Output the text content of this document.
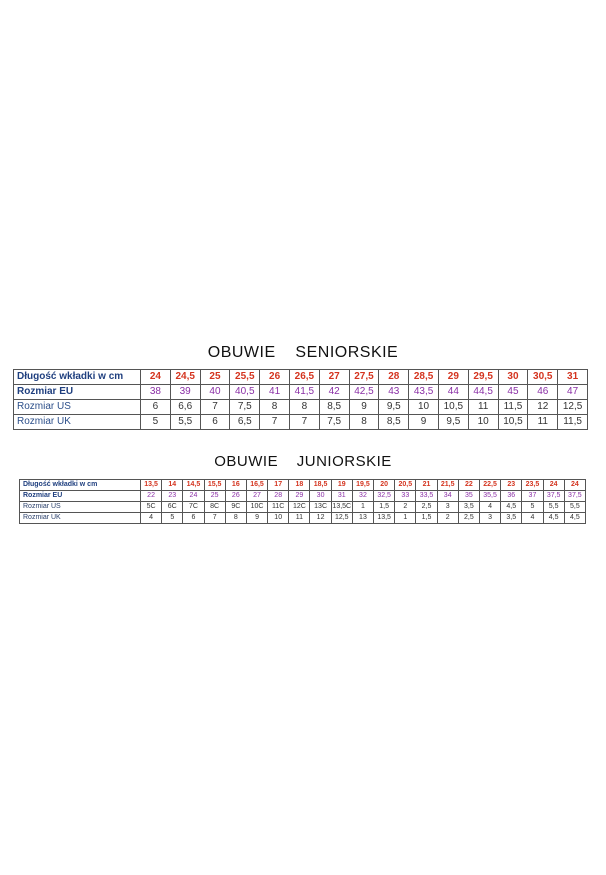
OBUWIE    SENIORSKIE
Długość wkładki w cm	24	24,5	25	25,5	26	26,5	27	27,5	28	28,5	29	29,5	30	30,5	31
Rozmiar EU	38	39	40	40,5	41	41,5	42	42,5	43	43,5	44	44,5	45	46	47
Rozmiar US	6	6,6	7	7,5	8	8	8,5	9	9,5	10	10,5	11	11,5	12	12,5
Rozmiar UK	5	5,5	6	6,5	7	7	7,5	8	8,5	9	9,5	10	10,5	11	11,5
OBUWIE    JUNIORSKIE
Długość wkładki w cm	13,5	14	14,5	15,5	16	16,5	17	18	18,5	19	19,5	20	20,5	21	21,5	22	22,5	23	23,5	24	24
Rozmiar EU	22	23	24	25	26	27	28	29	30	31	32	32,5	33	33,5	34	35	35,5	36	37	37,5	37,5
Rozmiar US	5C	6C	7C	8C	9C	10C	11C	12C	13C	13,5C	1	1,5	2	2,5	3	3,5	4	4,5	5	5,5	5,5
Rozmiar UK	4	5	6	7	8	9	10	11	12	12,5	13	13,5	1	1,5	2	2,5	3	3,5	4	4,5	4,5
